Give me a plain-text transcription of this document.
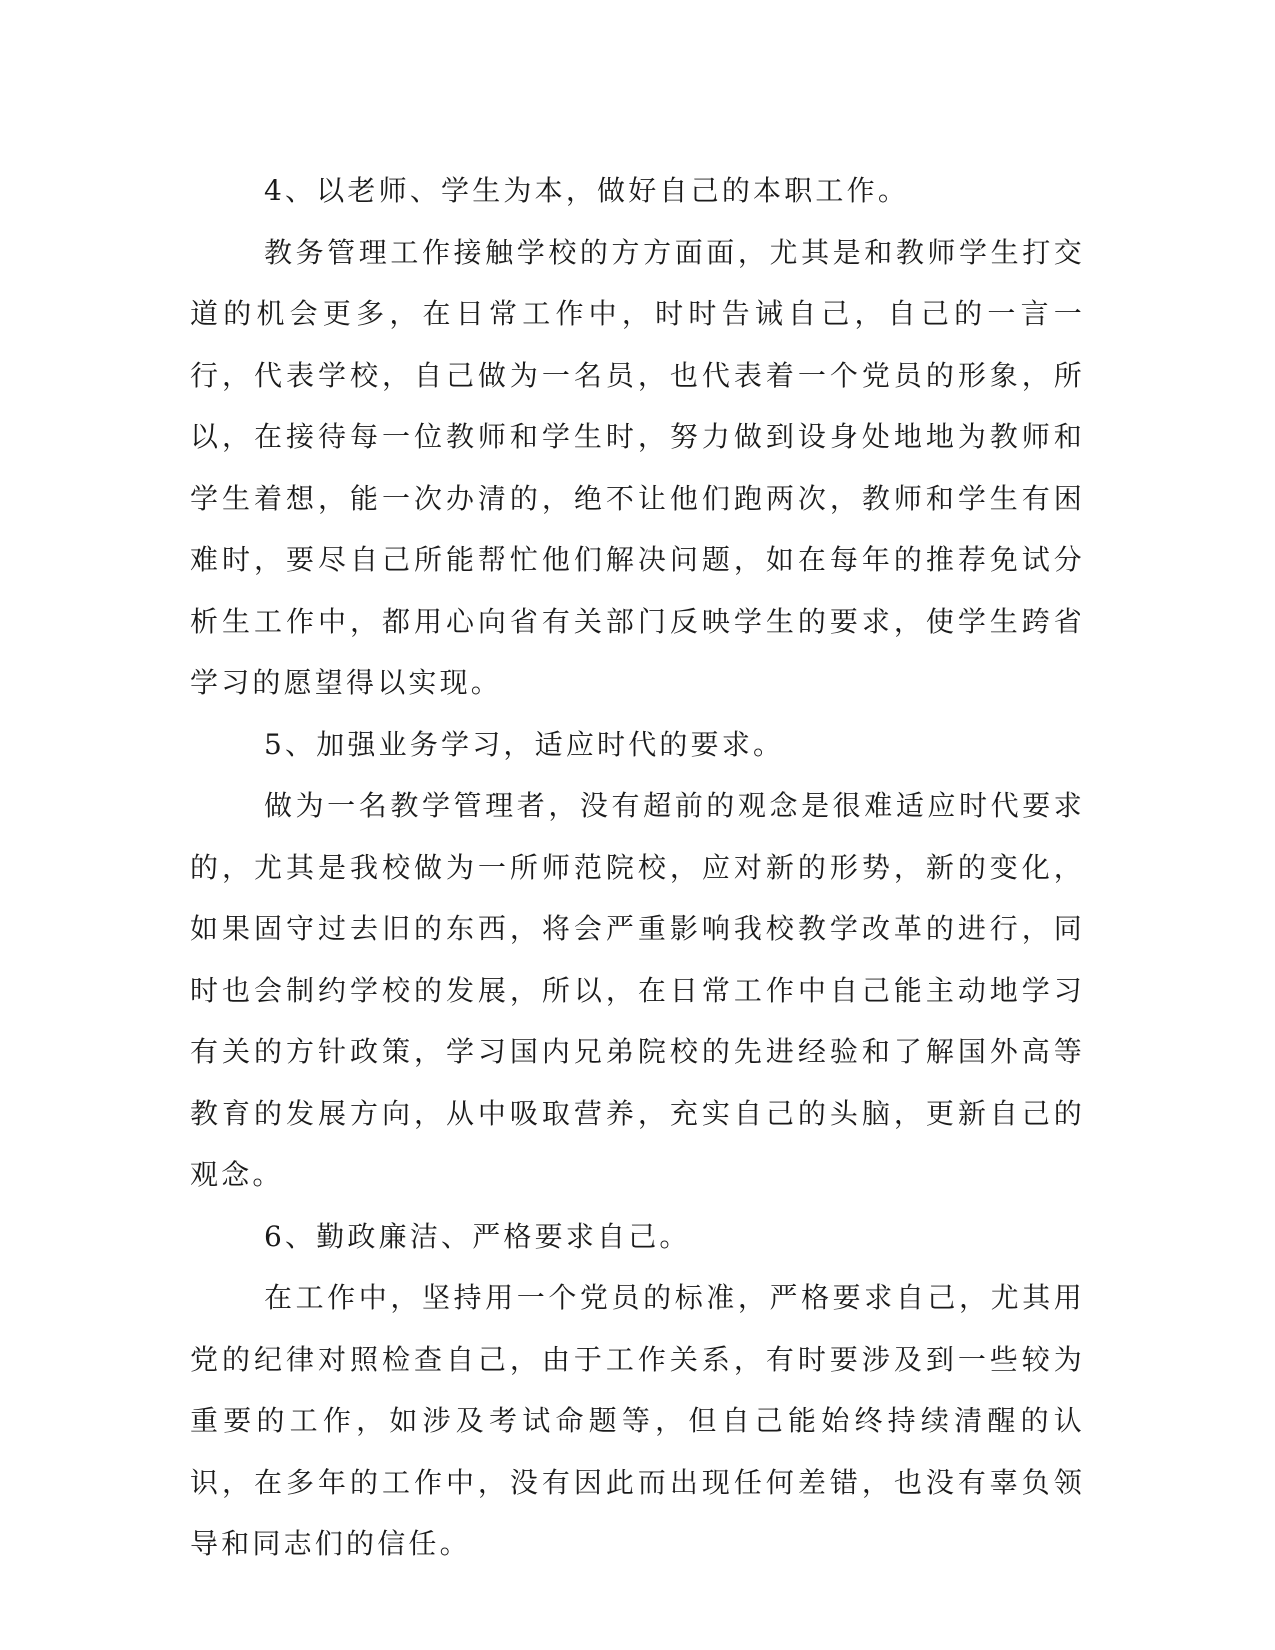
4、以老师、学生为本，做好自己的本职工作。

教务管理工作接触学校的方方面面，尤其是和教师学生打交道的机会更多，在日常工作中，时时告诫自己，自己的一言一行，代表学校，自己做为一名员，也代表着一个党员的形象，所以，在接待每一位教师和学生时，努力做到设身处地地为教师和学生着想，能一次办清的，绝不让他们跑两次，教师和学生有困难时，要尽自己所能帮忙他们解决问题，如在每年的推荐免试分析生工作中，都用心向省有关部门反映学生的要求，使学生跨省学习的愿望得以实现。

5、加强业务学习，适应时代的要求。

做为一名教学管理者，没有超前的观念是很难适应时代要求的，尤其是我校做为一所师范院校，应对新的形势，新的变化，如果固守过去旧的东西，将会严重影响我校教学改革的进行，同时也会制约学校的发展，所以，在日常工作中自己能主动地学习有关的方针政策，学习国内兄弟院校的先进经验和了解国外高等教育的发展方向，从中吸取营养，充实自己的头脑，更新自己的观念。

6、勤政廉洁、严格要求自己。

在工作中，坚持用一个党员的标准，严格要求自己，尤其用党的纪律对照检查自己，由于工作关系，有时要涉及到一些较为重要的工作，如涉及考试命题等，但自己能始终持续清醒的认识，在多年的工作中，没有因此而出现任何差错，也没有辜负领导和同志们的信任。
